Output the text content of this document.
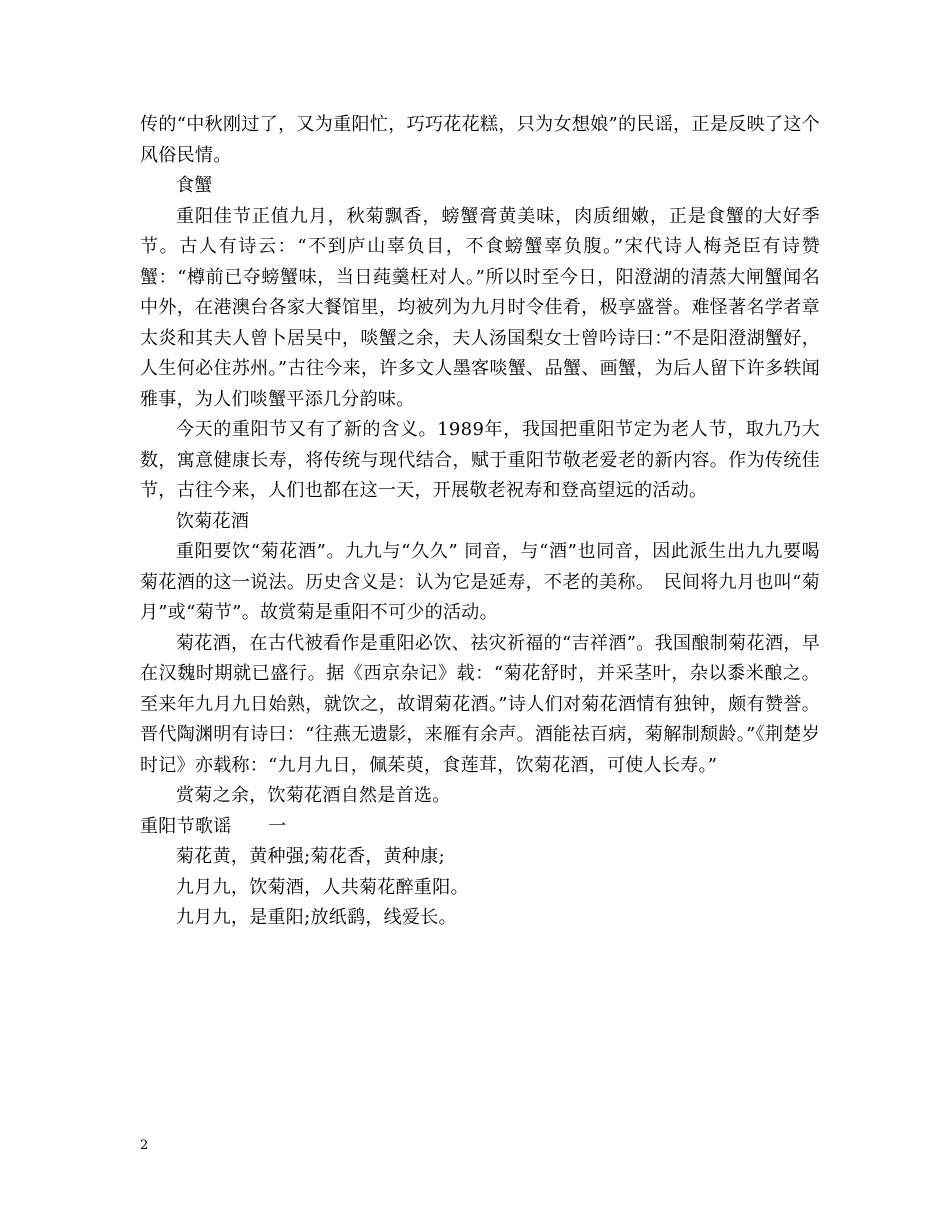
传的“中秋刚过了，又为重阳忙，巧巧花花糕，只为女想娘”的民谣，正是反映了这个风俗民情。

食蟹

重阳佳节正值九月，秋菊飘香，螃蟹膏黄美味，肉质细嫩，正是食蟹的大好季节。古人有诗云：“不到庐山辜负目，不食螃蟹辜负腹。”宋代诗人梅尧臣有诗赞蟹：“樽前已夺螃蟹味，当日莼羹枉对人。”所以时至今日，阳澄湖的清蒸大闸蟹闻名中外，在港澳台各家大餐馆里，均被列为九月时令佳肴，极享盛誉。难怪著名学者章太炎和其夫人曾卜居吴中，啖蟹之余，夫人汤国梨女士曾吟诗曰：”不是阳澄湖蟹好，人生何必住苏州。”古往今来，许多文人墨客啖蟹、品蟹、画蟹，为后人留下许多轶闻雅事，为人们啖蟹平添几分韵味。

今天的重阳节又有了新的含义。1989年，我国把重阳节定为老人节，取九乃大数，寓意健康长寿，将传统与现代结合，赋于重阳节敬老爱老的新内容。作为传统佳节，古往今来，人们也都在这一天，开展敬老祝寿和登高望远的活动。

饮菊花酒

重阳要饮“菊花酒”。九九与“久久” 同音，与“酒”也同音，因此派生出九九要喝菊花酒的这一说法。历史含义是：认为它是延寿，不老的美称。　民间将九月也叫“菊月”或“菊节”。故赏菊是重阳不可少的活动。

菊花酒，在古代被看作是重阳必饮、祛灾祈福的“吉祥酒”。我国酿制菊花酒，早在汉魏时期就已盛行。据《西京杂记》载：“菊花舒时，并采茎叶，杂以黍米酿之。至来年九月九日始熟，就饮之，故谓菊花酒。”诗人们对菊花酒情有独钟，颇有赞誉。晋代陶渊明有诗曰：“往燕无遗影，来雁有余声。酒能祛百病，菊解制颓龄。”《荆楚岁时记》亦载称：“九月九日，佩茱萸，食莲茸，饮菊花酒，可使人长寿。”

赏菊之余，饮菊花酒自然是首选。

重阳节歌谣　　一

菊花黄，黄种强;菊花香，黄种康;

九月九，饮菊酒，人共菊花醉重阳。

九月九，是重阳;放纸鹞，线爱长。

2
